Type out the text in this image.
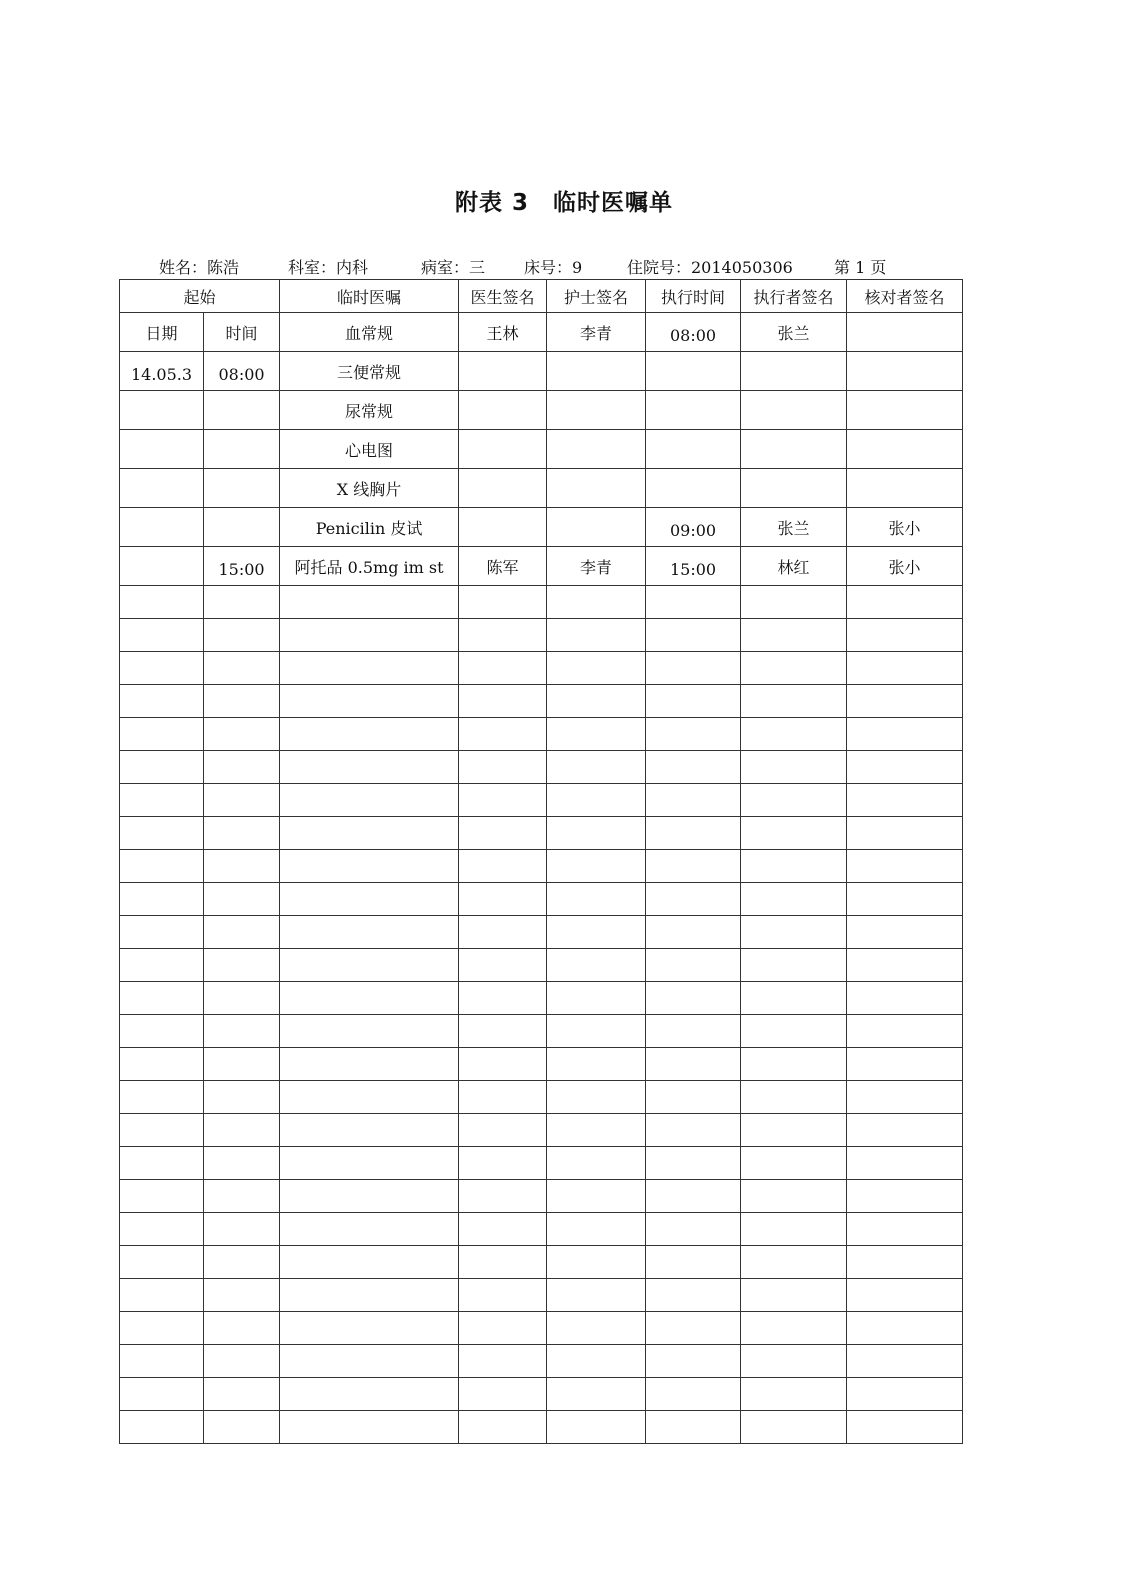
附表 3 临时医嘱单
姓名：陈浩	科室：内科	病室：三 床号：9	住院号：2014050306	第 1 页
起始		临时医嘱	医生签名	护士签名	执行时间	执行者签名	核对者签名
日期	时间	血常规	王林	李青	08:00	张兰	
14.05.3	08:00	三便常规					
		尿常规					
		心电图					
		X 线胸片					
		Penicilin 皮试			09:00	张兰	张小
	15:00	阿托品 0.5mg im st	陈军	李青	15:00	林红	张小
